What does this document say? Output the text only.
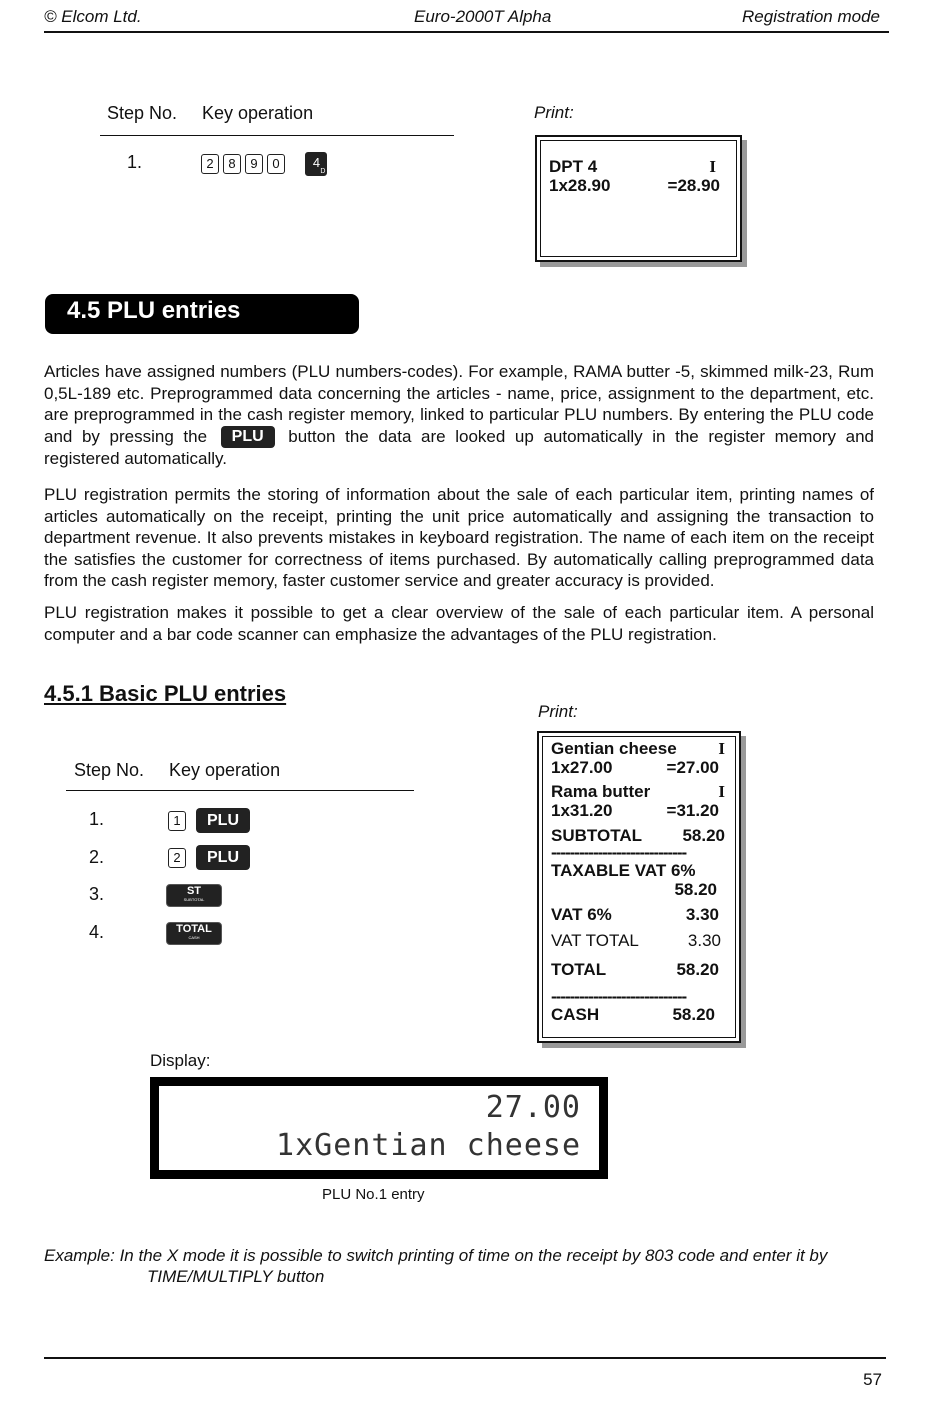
© Elcom Ltd.	Euro-2000T Alpha	Registration mode
Step No. Key operation
1.	2 8 9 0	4
D
Print:
DPT 4	I
1x28.90	=28.90
4.5 PLU entries
Articles have assigned numbers (PLU numbers-codes). For example, RAMA butter -5, skimmed milk-23, Rum 0,5L-189 etc. Preprogrammed data concerning the articles - name, price, assignment to the department, etc. are preprogrammed in the cash register memory, linked to particular PLU numbers. By entering the PLU code and by pressing the PLU button the data are looked up automatically in the register memory and registered automatically.
PLU registration permits the storing of information about the sale of each particular item, printing names of articles automatically on the receipt, printing the unit price automatically and assigning the transaction to department revenue. It also prevents mistakes in keyboard registration. The name of each item on the receipt the satisfies the customer for correctness of items purchased. By automatically calling preprogrammed data from the cash register memory, faster customer service and greater accuracy is provided.
PLU registration makes it possible to get a clear overview of the sale of each particular item. A personal computer and a bar code scanner can emphasize the advantages of the PLU registration.
4.5.1 Basic PLU entries
Step No. Key operation
1.	1 PLU
2.	2 PLU
3.	ST
SUBTOTAL
4.	TOTAL
CASH
Print:
Gentian cheese I
1x27.00	=27.00
Rama butter	I
1x31.20	=31.20
SUBTOTAL 58.20
-----------------------------
TAXABLE VAT 6%
58.20
VAT 6%	3.30
VAT TOTAL	3.30
TOTAL	58.20
-----------------------------
CASH	58.20
Display:
27.00
1xGentian cheese
PLU No.1 entry
Example: In the X mode it is possible to switch printing of time on the receipt by 803 code and enter it by
TIME/MULTIPLY button
57
